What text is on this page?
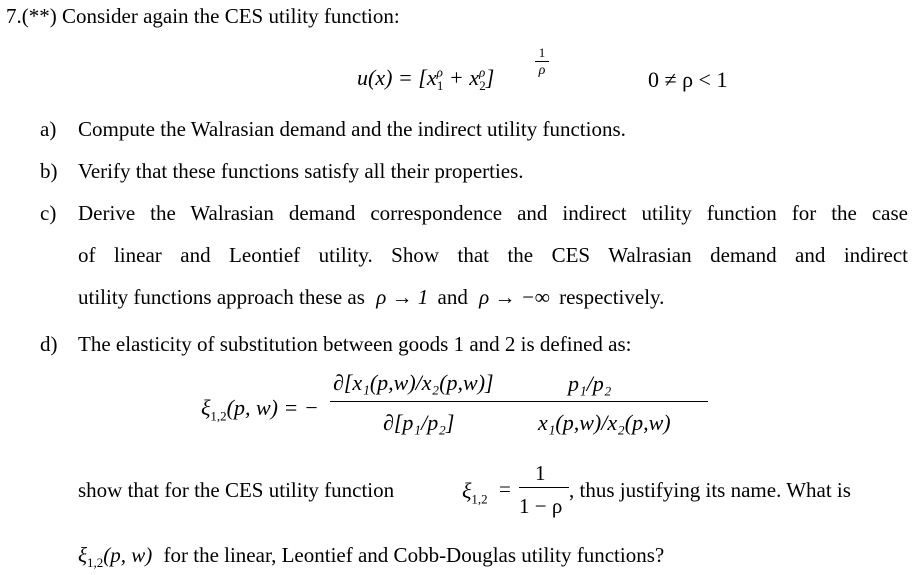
7.(**) Consider again the CES utility function:
$u(x) = [x^\rho_1 + x^\rho_2]$
1
ρ	0 ≠ ρ < 1
a) Compute the Walrasian demand and the indirect utility functions.
b) Verify that these functions satisfy all their properties.
c) Derive the Walrasian demand correspondence and indirect utility function for the case
of linear and Leontief utility. Show that the CES Walrasian demand and indirect
utility functions approach these as ρ → 1 and ρ → −∞ respectively.
d) The elasticity of substitution between goods 1 and 2 is defined as:
$\xi_{1,2}(p$, w) = −
∂[x₁(p,w)/x₂(p,w)]
∂[p₁/p₂]
p₁/p₂
x₁(p,w)/x₂(p,w)
show that for the CES utility function	$\xi_{1,2}$ =
1
1 − ρ
, thus justifying its name. What is
$\xi_{1,2}(p$, w) for the linear, Leontief and Cobb-Douglas utility functions?
